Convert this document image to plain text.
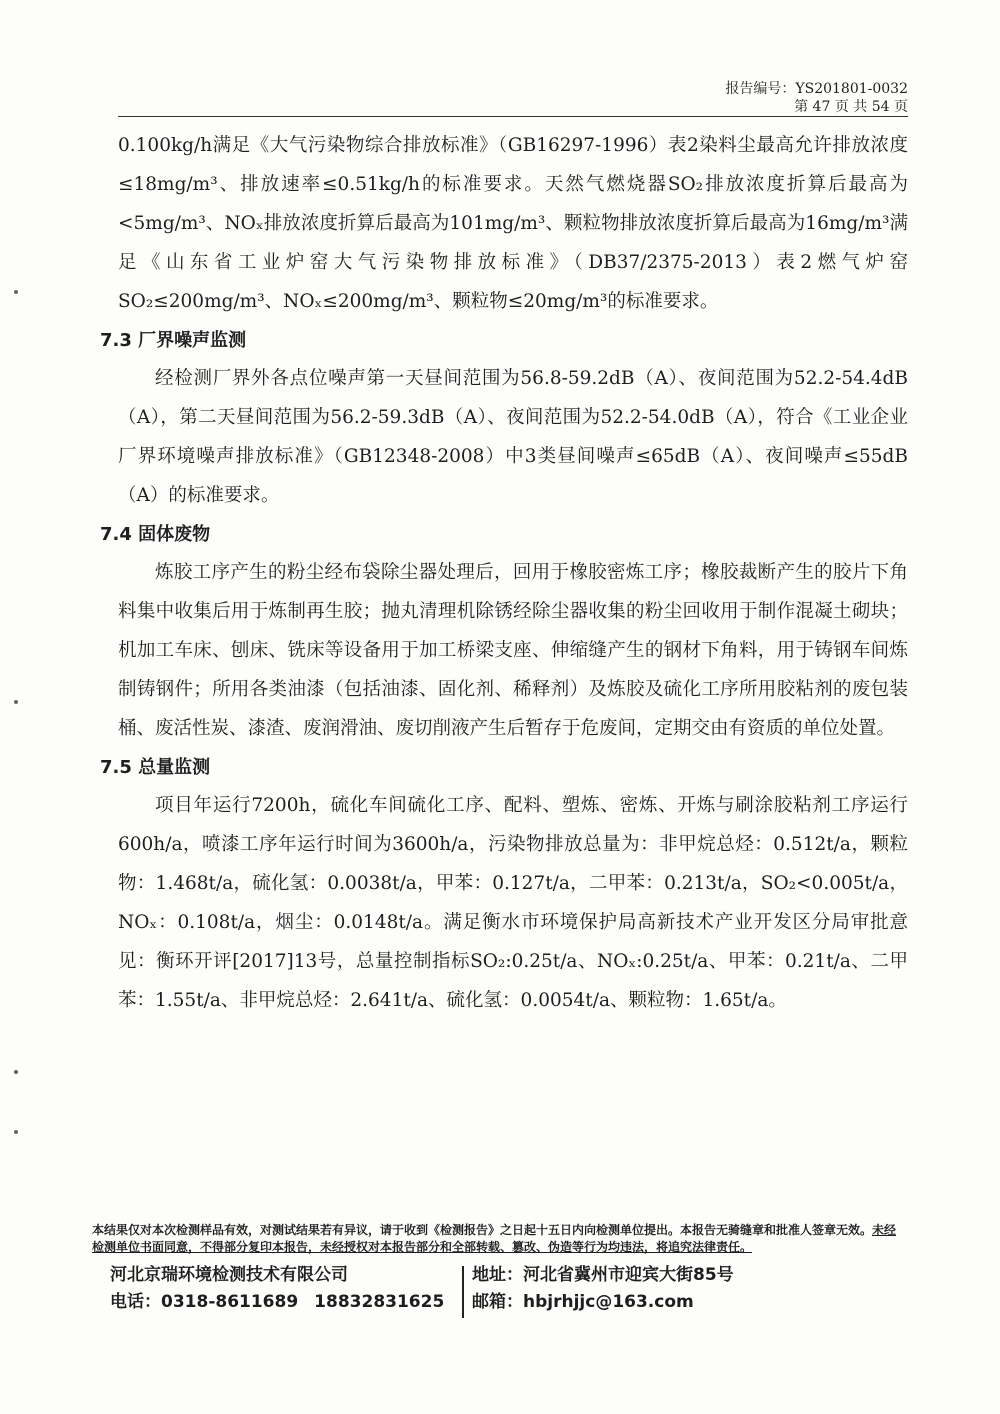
报告编号：YS201801-0032
第 47 页 共 54 页

0.100kg/h满足《大气污染物综合排放标准》（GB16297-1996）表2染料尘最高允许排放浓度≤18mg/m³、排放速率≤0.51kg/h的标准要求。天然气燃烧器SO₂排放浓度折算后最高为<5mg/m³、NOₓ排放浓度折算后最高为101mg/m³、颗粒物排放浓度折算后最高为16mg/m³满足《山东省工业炉窑大气污染物排放标准》（DB37/2375-2013）表2燃气炉窑SO₂≤200mg/m³、NOₓ≤200mg/m³、颗粒物≤20mg/m³的标准要求。

7.3 厂界噪声监测

经检测厂界外各点位噪声第一天昼间范围为56.8-59.2dB（A）、夜间范围为52.2-54.4dB（A），第二天昼间范围为56.2-59.3dB（A）、夜间范围为52.2-54.0dB（A），符合《工业企业厂界环境噪声排放标准》（GB12348-2008）中3类昼间噪声≤65dB（A）、夜间噪声≤55dB（A）的标准要求。

7.4 固体废物

炼胶工序产生的粉尘经布袋除尘器处理后，回用于橡胶密炼工序；橡胶裁断产生的胶片下角料集中收集后用于炼制再生胶；抛丸清理机除锈经除尘器收集的粉尘回收用于制作混凝土砌块；机加工车床、刨床、铣床等设备用于加工桥梁支座、伸缩缝产生的钢材下角料，用于铸钢车间炼制铸钢件；所用各类油漆（包括油漆、固化剂、稀释剂）及炼胶及硫化工序所用胶粘剂的废包装桶、废活性炭、漆渣、废润滑油、废切削液产生后暂存于危废间，定期交由有资质的单位处置。

7.5 总量监测

项目年运行7200h，硫化车间硫化工序、配料、塑炼、密炼、开炼与刷涂胶粘剂工序运行600h/a，喷漆工序年运行时间为3600h/a，污染物排放总量为：非甲烷总烃：0.512t/a，颗粒物：1.468t/a，硫化氢：0.0038t/a，甲苯：0.127t/a，二甲苯：0.213t/a，SO₂<0.005t/a，NOₓ：0.108t/a，烟尘：0.0148t/a。满足衡水市环境保护局高新技术产业开发区分局审批意见：衡环开评[2017]13号，总量控制指标SO₂:0.25t/a、NOₓ:0.25t/a、甲苯：0.21t/a、二甲苯：1.55t/a、非甲烷总烃：2.641t/a、硫化氢：0.0054t/a、颗粒物：1.65t/a。

本结果仅对本次检测样品有效，对测试结果若有异议，请于收到《检测报告》之日起十五日内向检测单位提出。本报告无骑缝章和批准人签章无效。未经检测单位书面同意，不得部分复印本报告，未经授权对本报告部分和全部转载、篡改、伪造等行为均违法，将追究法律责任。
河北京瑞环境检测技术有限公司
电话：0318-8611689 18832831625
地址：河北省冀州市迎宾大街85号
邮箱：hbjrhjjc@163.com
